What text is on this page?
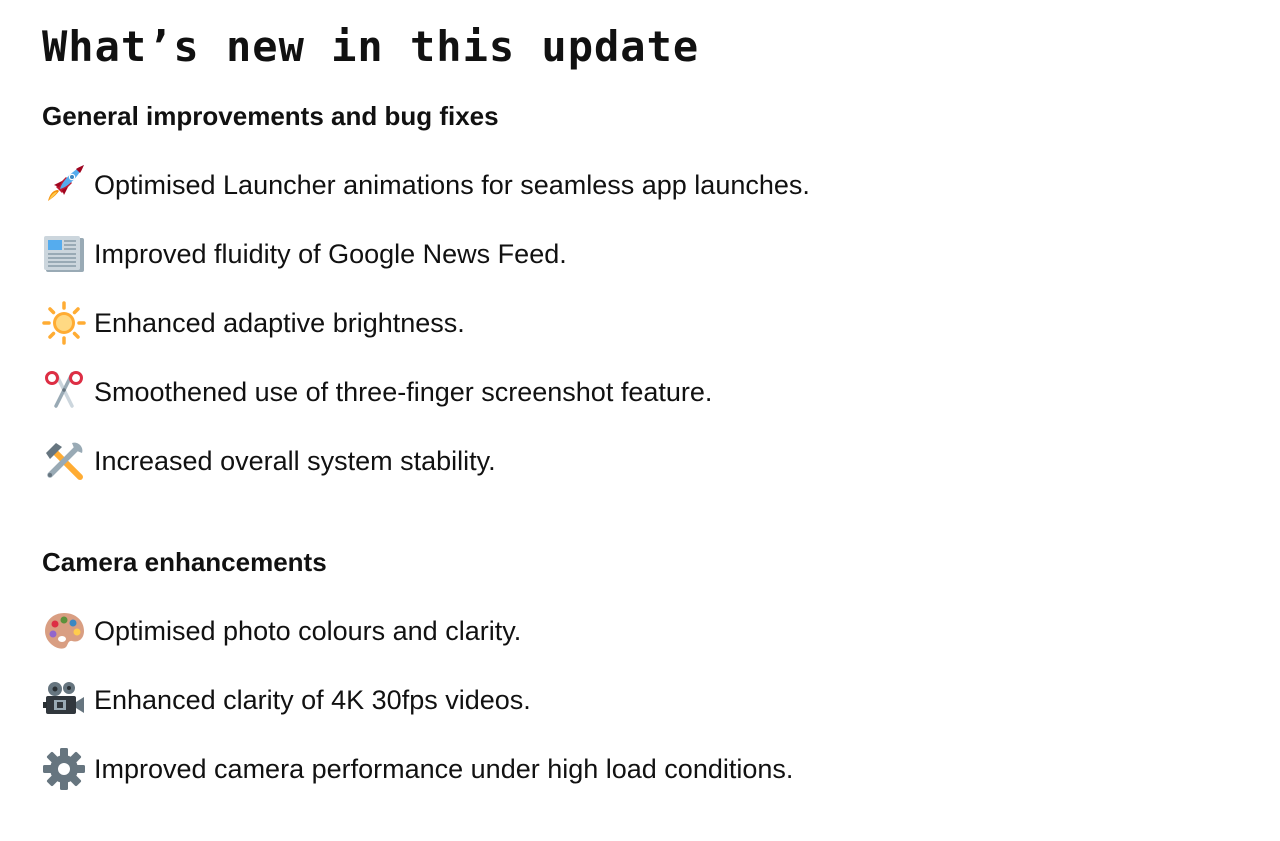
What’s new in this update
General improvements and bug fixes
Optimised Launcher animations for seamless app launches.
Improved fluidity of Google News Feed.
Enhanced adaptive brightness.
Smoothened use of three-finger screenshot feature.
Increased overall system stability.
Camera enhancements
Optimised photo colours and clarity.
Enhanced clarity of 4K 30fps videos.
Improved camera performance under high load conditions.
